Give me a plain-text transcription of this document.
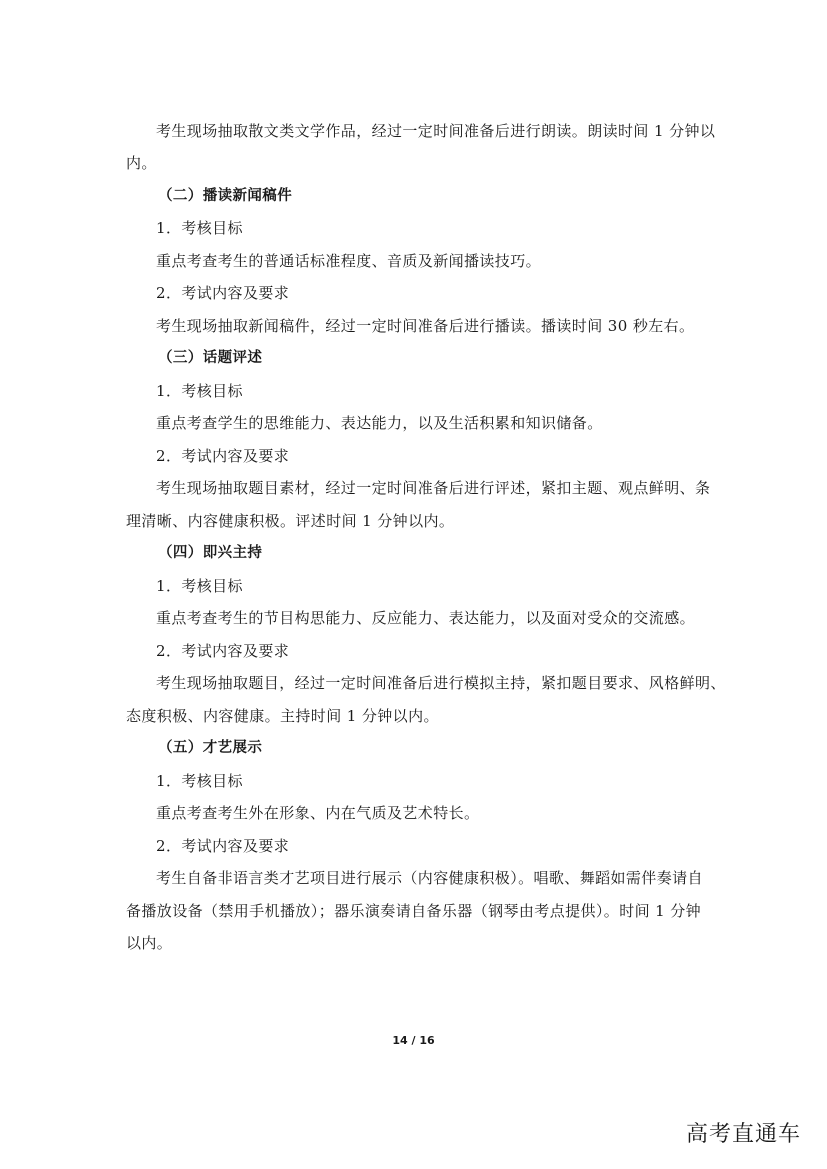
考生现场抽取散文类文学作品，经过一定时间准备后进行朗读。朗读时间 1 分钟以
内。
（二）播读新闻稿件
1．考核目标
重点考查考生的普通话标准程度、音质及新闻播读技巧。
2．考试内容及要求
考生现场抽取新闻稿件，经过一定时间准备后进行播读。播读时间 30 秒左右。
（三）话题评述
1．考核目标
重点考查学生的思维能力、表达能力，以及生活积累和知识储备。
2．考试内容及要求
考生现场抽取题目素材，经过一定时间准备后进行评述，紧扣主题、观点鲜明、条
理清晰、内容健康积极。评述时间 1 分钟以内。
（四）即兴主持
1．考核目标
重点考查考生的节目构思能力、反应能力、表达能力，以及面对受众的交流感。
2．考试内容及要求
考生现场抽取题目，经过一定时间准备后进行模拟主持，紧扣题目要求、风格鲜明、
态度积极、内容健康。主持时间 1 分钟以内。
（五）才艺展示
1．考核目标
重点考查考生外在形象、内在气质及艺术特长。
2．考试内容及要求
考生自备非语言类才艺项目进行展示（内容健康积极）。唱歌、舞蹈如需伴奏请自
备播放设备（禁用手机播放）；器乐演奏请自备乐器（钢琴由考点提供）。时间 1 分钟
以内。
14 / 16
高考直通车
